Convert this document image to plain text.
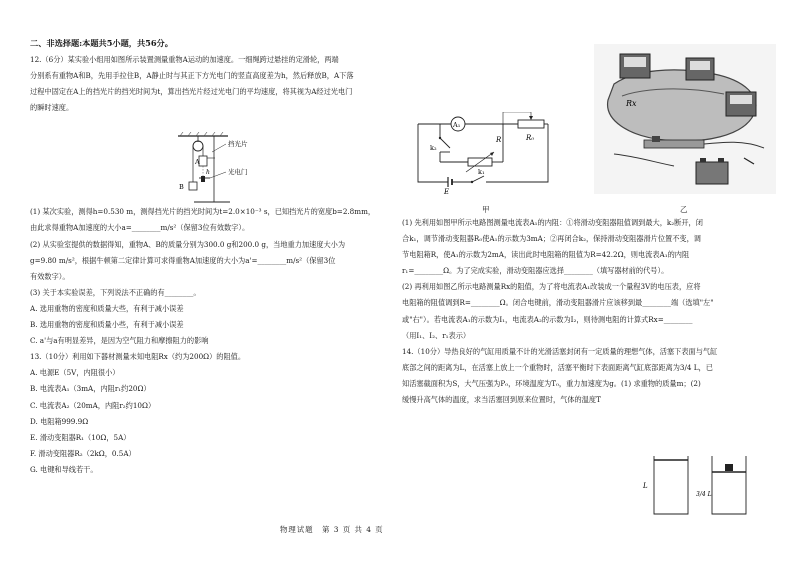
二、非选择题:本题共5小题，共56分。
12.（6分）某实验小组用如图所示装置测量重物A运动的加速度。一细绳跨过悬挂的定滑轮，两端
分别系有重物A和B，先用手拉住B，A静止时与其正下方光电门的竖直高度差为h，然后释放B，A下落
过程中固定在A上的挡光片的挡光时间为t，算出挡光片经过光电门的平均速度，将其视为A经过光电门
的瞬时速度。
(1) 某次实验，测得h=0.530 m，测得挡光片的挡光时间为t=2.0×10⁻³ s，已知挡光片的宽度b=2.8mm，
由此求得重物A加速度的大小a=________m/s²（保留3位有效数字）。
(2) 从实验室提供的数据得知，重物A、B的质量分别为300.0 g和200.0 g，当地重力加速度大小为
g=9.80 m/s²，根据牛顿第二定律计算可求得重物A加速度的大小为a'=________m/s²（保留3位
有效数字）。
(3) 关于本实验误差，下列说法不正确的有________。
A. 选用重物的密度和质量大些，有利于减小误差
B. 选用重物的密度和质量小些，有利于减小误差
C. a'与a有明显差异，是因为空气阻力和摩擦阻力的影响
13.（10分）利用如下器材测量未知电阻Rx（约为200Ω）的阻值。
A. 电源E（5V，内阻很小）
B. 电流表A₁（3mA，内阻r₁约20Ω）
C. 电流表A₂（20mA，内阻r₂约10Ω）
D. 电阻箱999.9Ω
E. 滑动变阻器R₁（10Ω，5A）
F. 滑动变阻器R₂（2kΩ，0.5A）
G. 电键和导线若干。
挡光片
光电门
A
B
h
A₁
k₂
R	R₀
E
k₁
甲
Rx
乙
(1) 先利用如图甲所示电路图测量电流表A₁的内阻：①将滑动变阻器阻值调到最大，k₂断开，闭
合k₁，调节滑动变阻器R₀使A₁的示数为3mA；②再闭合k₂，保持滑动变阻器滑片位置不变，调
节电阻箱R，使A₁的示数为2mA，读出此时电阻箱的阻值为R=42.2Ω，则电流表A₁的内阻
r₁=________Ω。为了完成实验，滑动变阻器应选择________（填写器材前的代号）。
(2) 再利用如图乙所示电路测量Rx的阻值，为了将电流表A₁改装成一个量程3V的电压表，应将
电阻箱的阻值调到R=________Ω。闭合电键前，滑动变阻器滑片应该移到最________端（选填"左"
或"右"）。若电流表A₁的示数为I₁，电流表A₂的示数为I₂，则待测电阻的计算式Rx=________
（用I₁、I₂、r₁表示）
14.（10分）导热良好的气缸用质量不计的光滑活塞封闭有一定质量的理想气体，活塞下表面与气缸
底部之间的距离为L，在活塞上放上一个重物时，活塞平衡时下表面距离气缸底部距离为3/4 L，已
知活塞截面积为S，大气压强为P₀，环境温度为T₀，重力加速度为g。(1) 求重物的质量m；(2)
缓慢升高气体的温度，求当活塞回到原来位置时，气体的温度T
L
3/4 L
物理试题　第 3 页 共 4 页
